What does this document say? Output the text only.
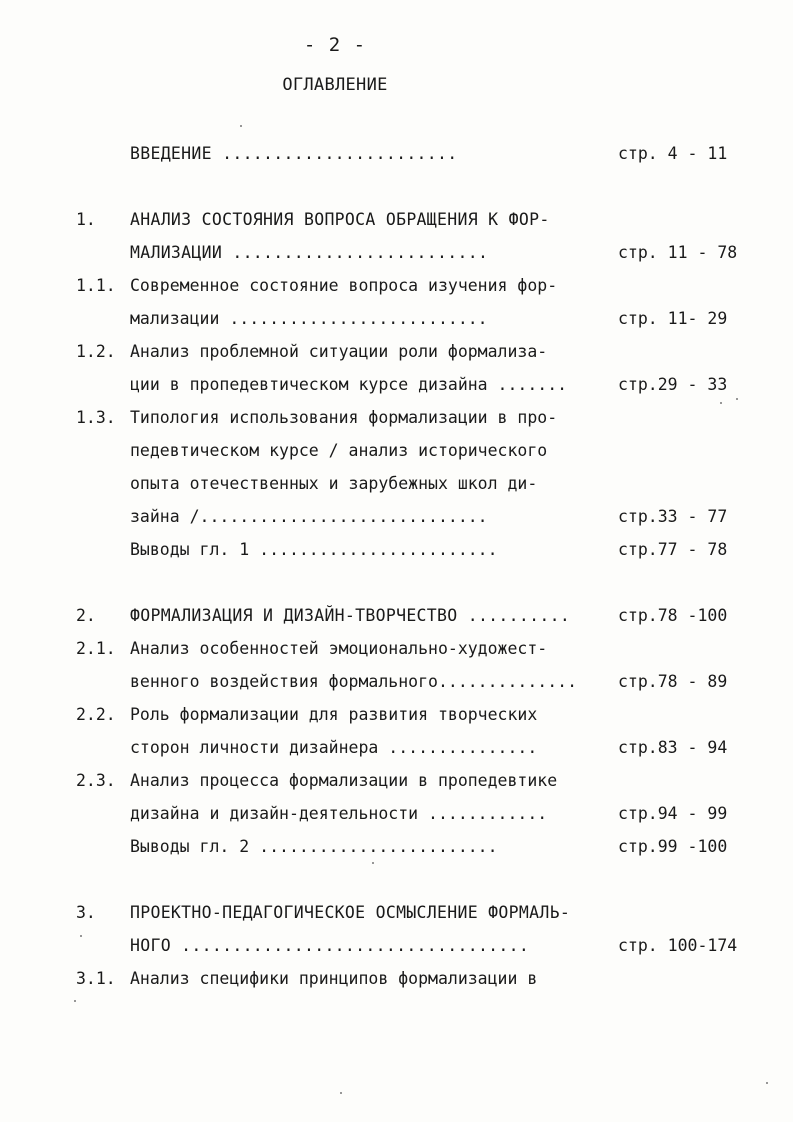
- 2 -
ОГЛАВЛЕНИЕ
ВВЕДЕНИЕ .......................	стр. 4 - 11
1.	АНАЛИЗ СОСТОЯНИЯ ВОПРОСА ОБРАЩЕНИЯ К ФОР-
МАЛИЗАЦИИ .........................	стр. 11 - 78
1.1. Современное состояние вопроса изучения фор-
мализации ..........................	стр. 11- 29
1.2. Анализ проблемной ситуации роли формализа-
ции в пропедевтическом курсе дизайна .......	стр.29 - 33
1.3. Типология использования формализации в про-
педевтическом курсе / анализ исторического
опыта отечественных и зарубежных школ ди-
зайна /.............................	стр.33 - 77
Выводы гл. 1 ........................	стр.77 - 78
2.	ФОРМАЛИЗАЦИЯ И ДИЗАЙН-ТВОРЧЕСТВО ..........	стр.78 -100
2.1. Анализ особенностей эмоционально-художест-
венного воздействия формального..............	стр.78 - 89
2.2. Роль формализации для развития творческих
сторон личности дизайнера ...............	стр.83 - 94
2.3. Анализ процесса формализации в пропедевтике
дизайна и дизайн-деятельности ............	стр.94 - 99
Выводы гл. 2 ........................	стр.99 -100
3.	ПРОЕКТНО-ПЕДАГОГИЧЕСКОЕ ОСМЫСЛЕНИЕ ФОРМАЛЬ-
НОГО ..................................	стр. 100-174
3.1. Анализ специфики принципов формализации в
